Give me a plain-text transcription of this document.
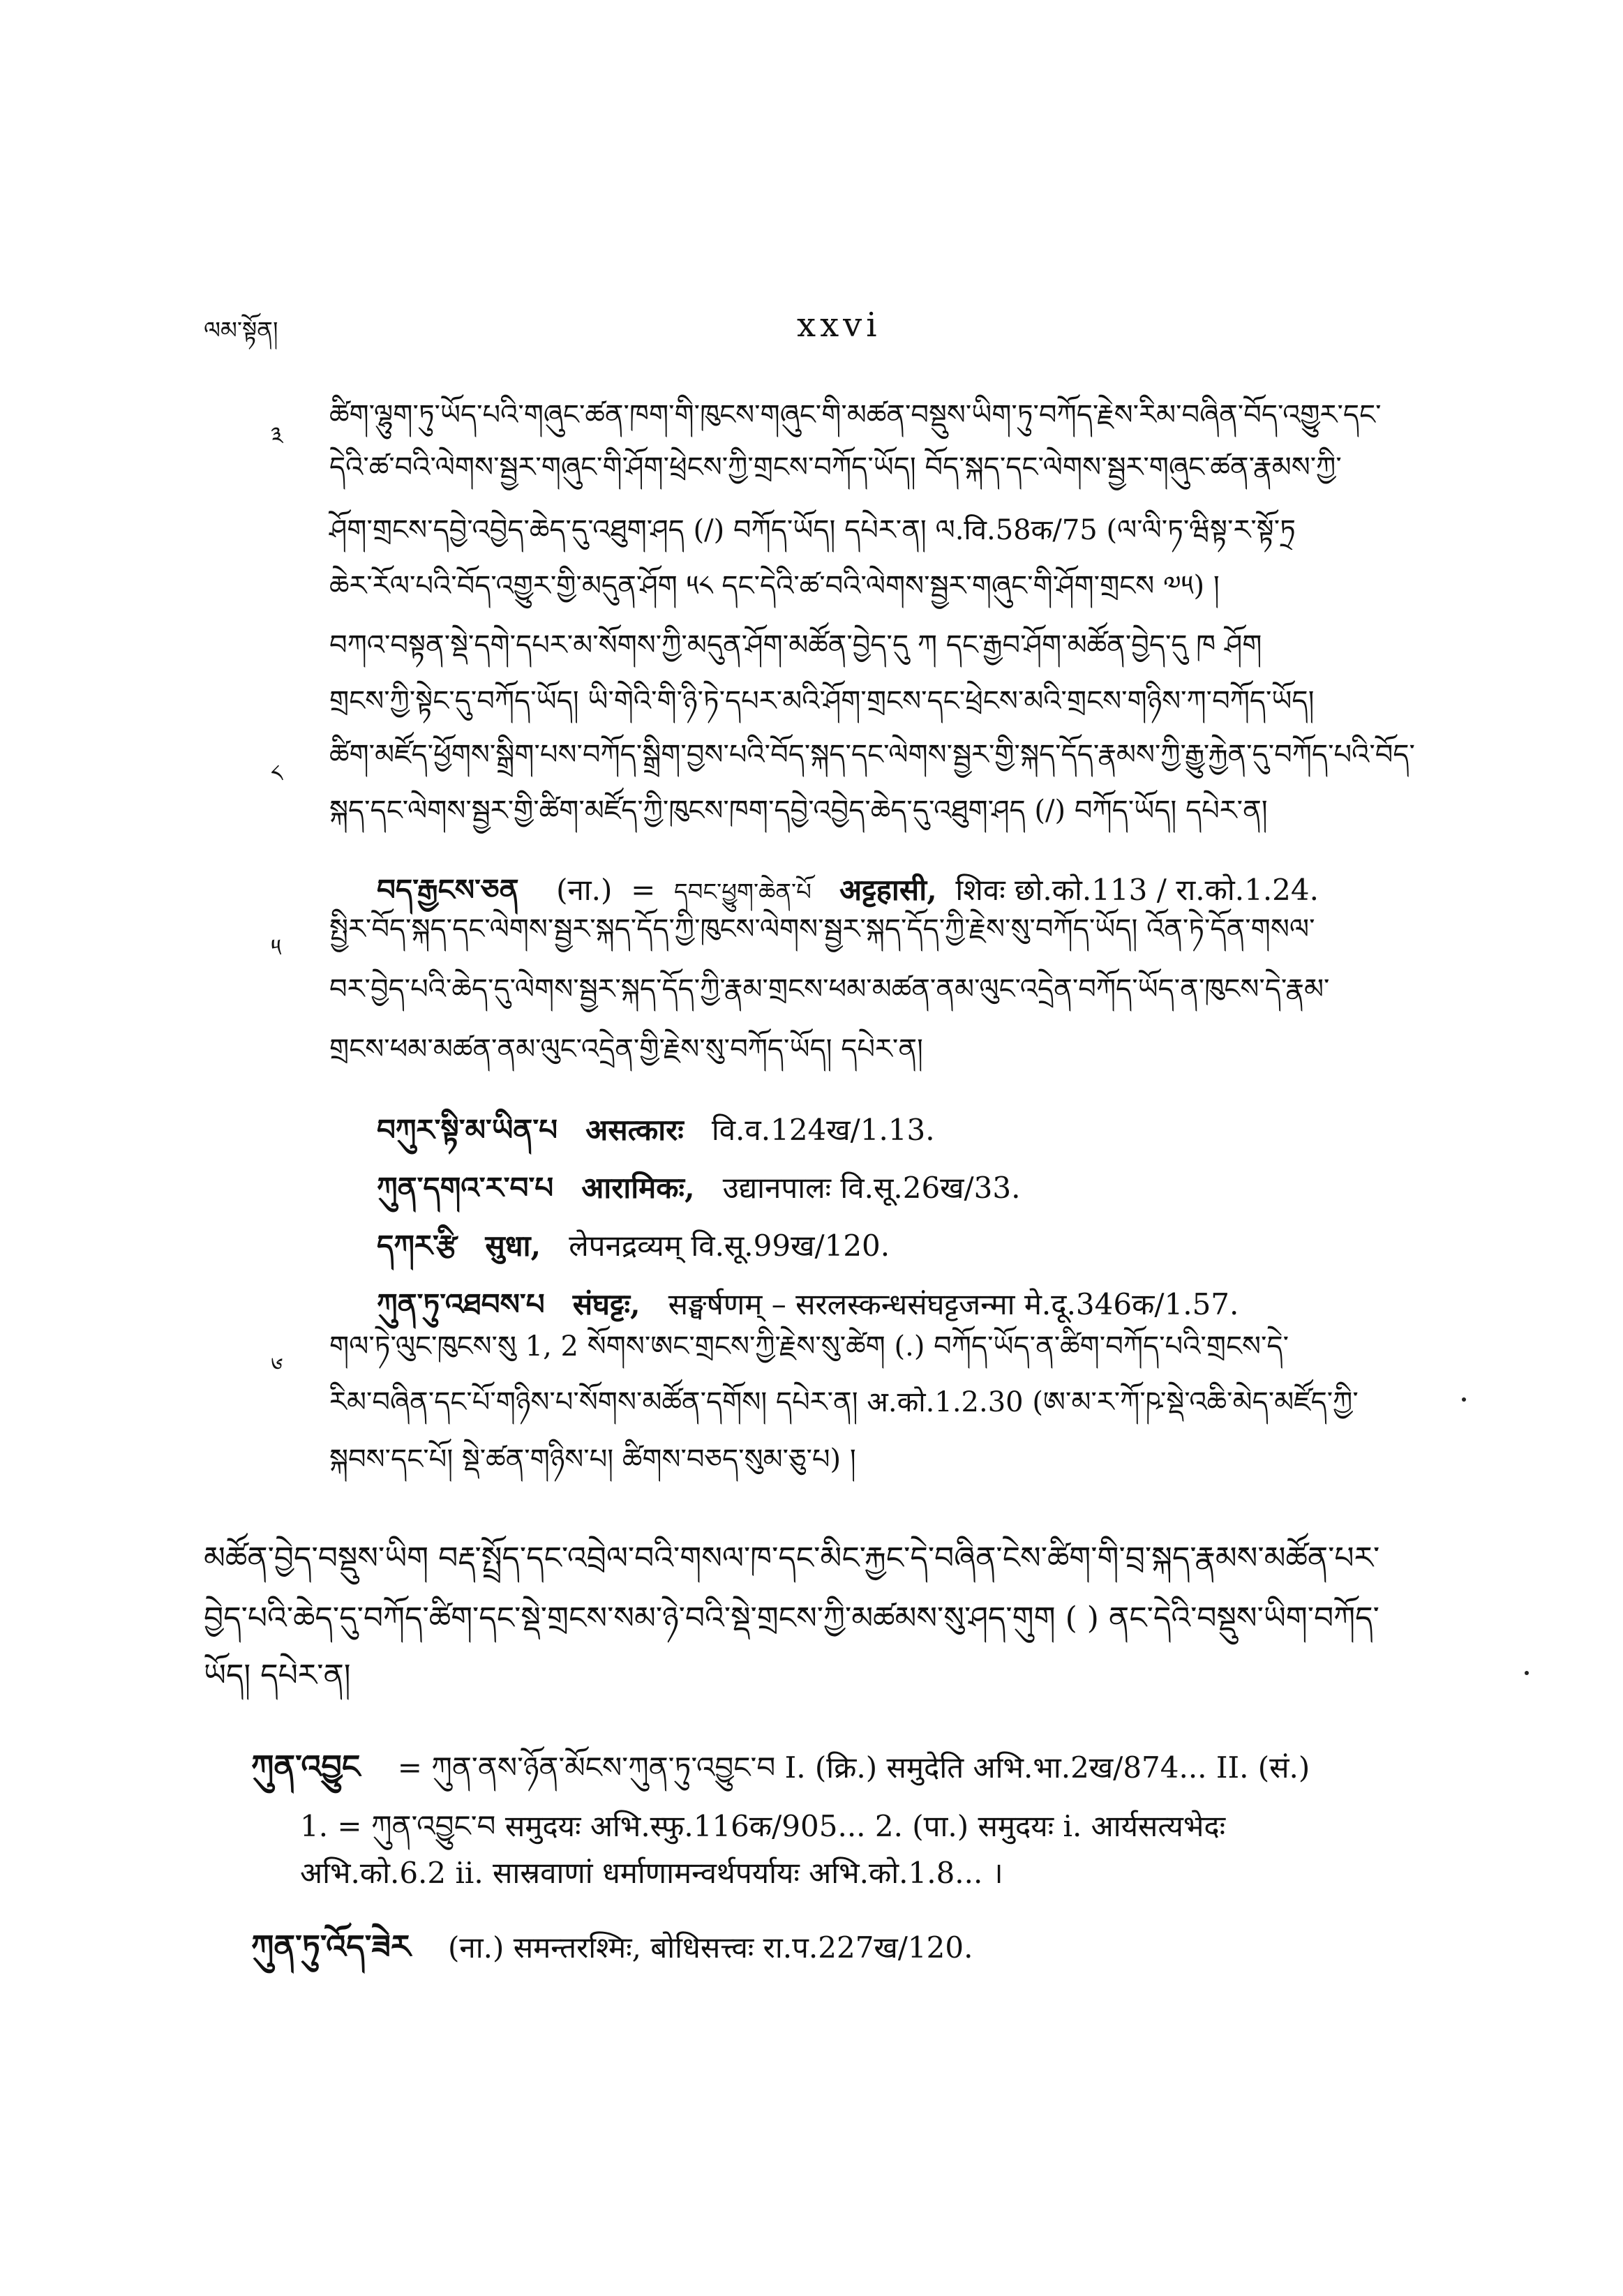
ལམ་སྟོན།	xxvi
༣
ཚིག་ལྷུག་ཏུ་ཡོད་པའི་གཞུང་ཚན་ཁག་གི་ཁུངས་གཞུང་གི་མཚན་བསྡུས་ཡིག་ཏུ་བཀོད་རྗེས་རིམ་བཞིན་བོད་འགྱུར་དང་
དེའི་ཚ་བའི་ལེགས་སྦྱར་གཞུང་གི་ཤོག་ཕྲེངས་ཀྱི་གྲངས་བཀོད་ཡོད། བོད་སྐད་དང་ལེགས་སྦྱར་གཞུང་ཚན་རྣམས་ཀྱི་
ཤོག་གྲངས་དབྱེ་འབྱེད་ཆེད་དུ་འཐུག་ཤད (/) བཀོད་ཡོད། དཔེར་ན། ལ.वि.58क/75 (ལ་ལི་ཏ་ཝིསྟ་ར་སྟོ་ཏྲ
ཆེར་རོལ་པའི་བོད་འགྱུར་གྱི་མདུན་ཤོག ༥༨ དང་དེའི་ཚ་བའི་ལེགས་སྦྱར་གཞུང་གི་ཤོག་གྲངས ༧༥) །
བཀའ་བསྟན་སྡེ་དགེ་དཔར་མ་སོགས་ཀྱི་མདུན་ཤོག་མཚོན་བྱེད་དུ ཀ དང་རྒྱབ་ཤོག་མཚོན་བྱེད་དུ ཁ ཤོག
གྲངས་ཀྱི་སྟེང་དུ་བཀོད་ཡོད། ཡི་གེའི་གི་ཉི་ཏེ་དཔར་མའི་ཤོག་གྲངས་དང་ཕྲེངས་མའི་གྲངས་གཉིས་ཀ་བཀོད་ཡོད།
༨
ཚིག་མཛོད་ཕྱོགས་སྒྲིག་པས་བཀོད་སྒྲིག་བྱས་པའི་བོད་སྐད་དང་ལེགས་སྦྱར་གྱི་སྐད་དོད་རྣམས་ཀྱི་རྒྱུ་རྐྱེན་དུ་བཀོད་པའི་བོད་
སྐད་དང་ལེགས་སྦྱར་གྱི་ཚིག་མཛོད་ཀྱི་ཁུངས་ཁག་དབྱེ་འབྱེད་ཆེད་དུ་འཐུག་ཤད (/) བཀོད་ཡོད། དཔེར་ན།
བད་རྒྱངས་ཅན (ना.) = དབང་ཕྱུག་ཆེན་པོ अट्टहासी, शिवः छो.को.113 / रा.को.1.24.
༥
སྤྱིར་བོད་སྐད་དང་ལེགས་སྦྱར་སྐད་དོད་ཀྱི་ཁུངས་ལེགས་སྦྱར་སྐད་དོད་ཀྱི་རྗེས་སུ་བཀོད་ཡོད། འོན་ཏེ་དོན་གསལ་
བར་བྱེད་པའི་ཆེད་དུ་ལེགས་སྦྱར་སྐད་དོད་ཀྱི་རྣམ་གྲངས་ཕམ་མཚན་ནམ་ལུང་འདྲེན་བཀོད་ཡོད་ན་ཁུངས་དེ་རྣམ་
གྲངས་ཕམ་མཚན་ནམ་ལུང་འདྲེན་གྱི་རྗེས་སུ་བཀོད་ཡོད། དཔེར་ན།
བཀུར་སྟི་མ་ཡིན་པ असत्कारः वि.व.124ख/1.13.
ཀུན་དགའ་ར་བ་པ आरामिकः, उद्यानपालः वि.सू.26ख/33.
དཀར་རྩི सुधा, लेपनद्रव्यम् वि.सू.99ख/120.
ཀུན་ཏུ་འཐབས་པ संघट्टः, सङ्घर्षणम् – सरलस्कन्धसंघट्टजन्मा मे.दू.346क/1.57.
༦
གལ་ཏེ་ལུང་ཁུངས་སུ 1, 2 སོགས་ཨང་གྲངས་ཀྱི་རྗེས་སུ་ཚེག (.) བཀོད་ཡོད་ན་ཚིག་བཀོད་པའི་གྲངས་དེ་
རིམ་བཞིན་དང་པོ་གཉིས་པ་སོགས་མཚོན་དགོས། དཔེར་ན། अ.को.1.2.30 (ཨ་མ་ར་ཀོ་ཥ་སྡེ་འཆི་མེད་མཛོད་ཀྱི་
སྐབས་དང་པོ། སྡེ་ཚན་གཉིས་པ། ཚིགས་བཅད་སུམ་ཅུ་པ) །
མཚོན་བྱེད་བསྡུས་ཡིག བརྡ་སྤྲོད་དང་འབྲེལ་བའི་གསལ་ཁ་དང་མིང་རྐྱང་དེ་བཞིན་ངེས་ཚིག་གི་བྲ་སྐད་རྣམས་མཚོན་པར་
བྱེད་པའི་ཆེད་དུ་བཀོད་ཚིག་དང་སྡེ་གྲངས་སམ་ཉེ་བའི་སྡེ་གྲངས་ཀྱི་མཚམས་སུ་ཤད་གུག ( ) ནང་དེའི་བསྡུས་ཡིག་བཀོད་
ཡོད། དཔེར་ན།
ཀུན་འབྱུང = ཀུན་ནས་ཉོན་མོངས་ཀུན་ཏུ་འབྱུང་བ I. (क्रि.) समुदेति अभि.भा.2ख/874... II. (सं.)
1. = ཀུན་འབྱུང་བ समुदयः अभि.स्फु.116क/905... 2. (पा.) समुदयः i. आर्यसत्यभेदः
अभि.को.6.2 ii. सास्रवाणां धर्माणामन्वर्थपर्यायः अभि.को.1.8... ।
ཀུན་ཏུ་འོད་ཟེར (ना.) समन्तरश्मिः, बोधिसत्त्वः रा.प.227ख/120.
